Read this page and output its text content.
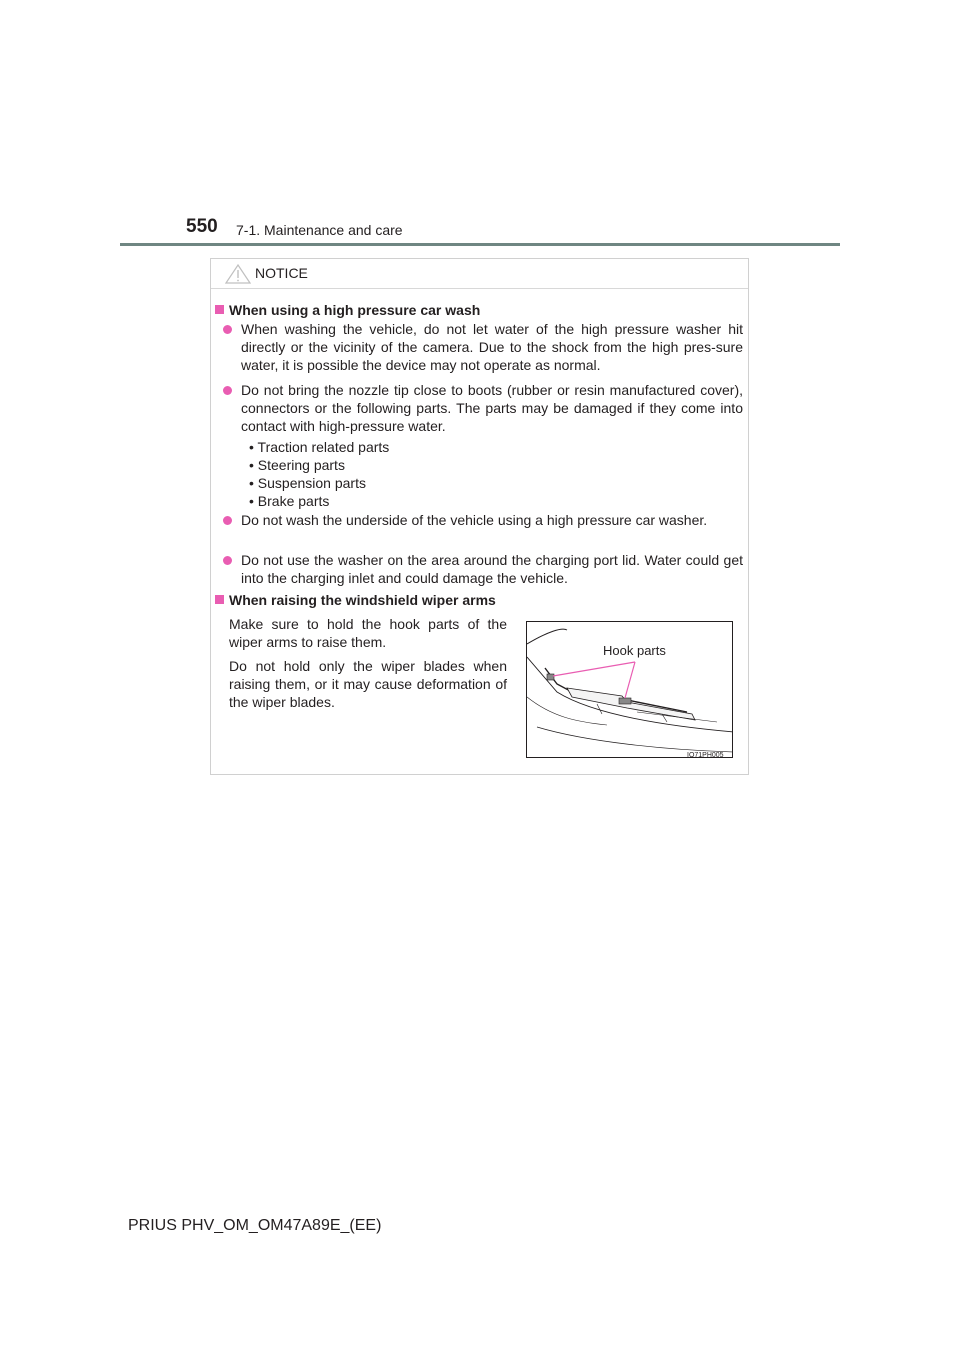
550 7-1. Maintenance and care
NOTICE
When using a high pressure car wash
When washing the vehicle, do not let water of the high pressure washer hit directly or the vicinity of the camera. Due to the shock from the high pres-sure water, it is possible the device may not operate as normal.
Do not bring the nozzle tip close to boots (rubber or resin manufactured cover), connectors or the following parts. The parts may be damaged if they come into contact with high-pressure water.
• Traction related parts
• Steering parts
• Suspension parts
• Brake parts
Do not wash the underside of the vehicle using a high pressure car washer.
Do not use the washer on the area around the charging port lid. Water could get into the charging inlet and could damage the vehicle.
When raising the windshield wiper arms

Make sure to hold the hook parts of the wiper arms to raise them.

Do not hold only the wiper blades when raising them, or it may cause deformation of the wiper blades.

Hook parts
IO71PH005
PRIUS PHV_OM_OM47A89E_(EE)
